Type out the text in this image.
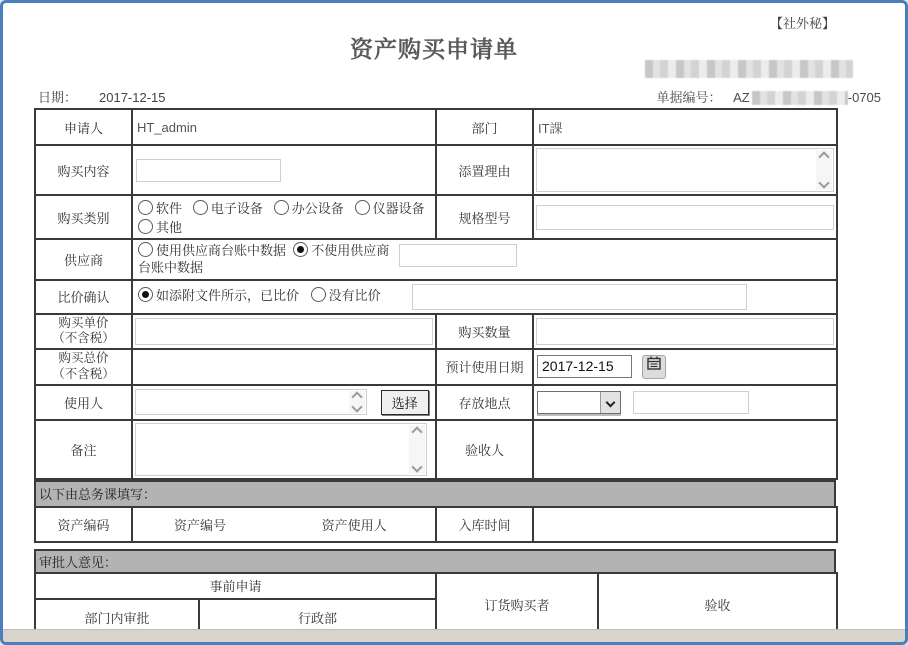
【社外秘】
资产购买申请单
日期： 2017-12-15	单据编号： AZ	-0705
申请人	HT_admin	部门	IT課
购买内容		添置理由	

购买类别	软件 电子设备 办公设备 仪器设备  其他	规格型号	
供应商	使用供应商台账中数据 不使用供应商台账中数据		

比价确认	如添附文件所示，已比价 没有比价		

购买单价
（不含税）		购买数量	

购买总价
（不含税）		预计使用日期	2017-12-15
使用人	选择	存放地点	

备注		验收人	
以下由总务课填写：
资产编码	资产编号	资产使用人	入库时间	
审批人意见：
事前申请		订货购买者	验收
部门内审批	行政部		
